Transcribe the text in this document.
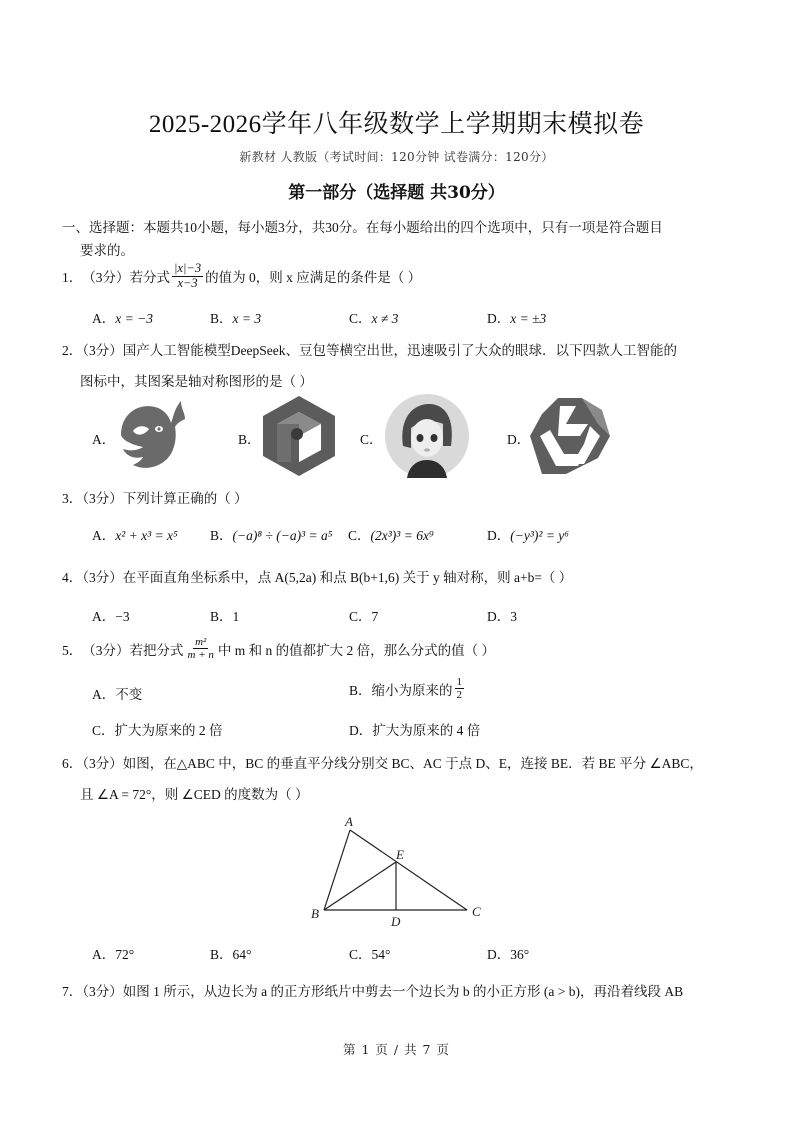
2025-2026学年八年级数学上学期期末模拟卷
新教材 人教版（考试时间：120分钟 试卷满分：120分）
第一部分（选择题 共30分）
一、选择题：本题共10小题，每小题3分，共30分。在每小题给出的四个选项中，只有一项是符合题目
要求的。
1． （3分） 若分式 $\frac{|x|-3}{x-3}$ 的值为 0，则 x 应满足的条件是（ ）
A．x = −3	B．x = 3	C．x ≠ 3	D．x = ±3
2．（3分）国产人工智能模型DeepSeek、豆包等横空出世，迅速吸引了大众的眼球．以下四款人工智能的
图标中，其图案是轴对称图形的是（ ）
A．	B．	C．	D．
3．（3分）下列计算正确的（ ）
A．x² + x³ = x⁵ B．(−a)⁸ ÷ (−a)³ = a⁵ C．(2x³)³ = 6x⁹	D．(−y³)² = y⁶
4．（3分）在平面直角坐标系中，点 A(5,2a) 和点 B(b+1,6) 关于 y 轴对称，则 a+b=（ ）
A．−3	B．1	C．7	D．3
5． （3分） 若把分式 $\frac{\text{m²}}{m + n}$ 中 m 和 n 的值都扩大 2 倍，那么分式的值（ ）
A．不变	B． 缩小为原来的 $\frac{1}{2}$
C．扩大为原来的 2 倍	D．扩大为原来的 4 倍
6．（3分）如图，在△ABC 中，BC 的垂直平分线分别交 BC、AC 于点 D、E，连接 BE．若 BE 平分 ∠ABC，
且 ∠A = 72°，则 ∠CED 的度数为（ ）
A
B	C
D
E
A．72°	B．64°	C．54°	D．36°
7．（3分）如图 1 所示，从边长为 a 的正方形纸片中剪去一个边长为 b 的小正方形 (a > b)，再沿着线段 AB
第 1 页 / 共 7 页
